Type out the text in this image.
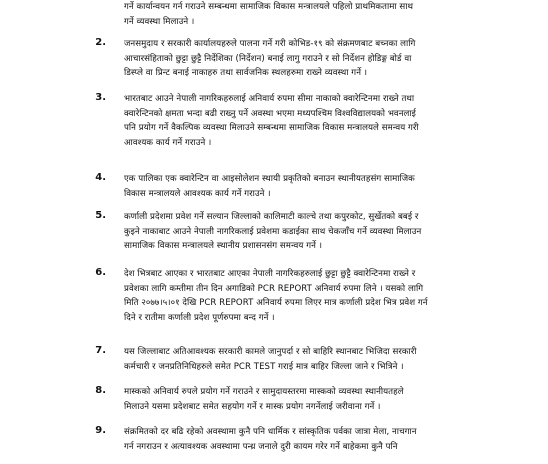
गर्ने कार्यान्वयन गर्न गराउने सम्बन्धमा सामाजिक विकास मन्त्रालयले पहिलो प्राथमिकतामा साथ
गर्ने व्यवस्था मिलाउने ।
2. जनसमुदाय र सरकारी कार्यालयहरुले पालना गर्ने गरी कोभिड-१९ को संक्रमणबाट बच्नका लागि
आचारसंहिताको छुट्टा छुट्टै निर्देशिका (निर्देशन) बनाई लागु गराउने र सो निर्देशन होडिङ्ग बोर्ड वा
डिस्प्ले वा प्रिन्ट बनाई नाकाहरु तथा सार्वजनिक स्थलहरुमा राख्ने व्यवस्था गर्ने ।
3. भारतबाट आउने नेपाली नागरिकहरुलाई अनिवार्य रुपमा सीमा नाकाको क्वारेन्टिनमा राख्ने तथा
क्वारेन्टिनको क्षमता भन्दा बढी राख्नु पर्ने अवस्था भएमा मध्यपश्चिम विश्वविद्यालयको भवनलाई
पनि प्रयोग गर्ने वैकल्पिक व्यवस्था मिलाउने सम्बन्धमा सामाजिक विकास मन्त्रालयले समन्वय गरी
आवश्यक कार्य गर्ने गराउने ।
4. एक पालिका एक क्वारेन्टिन वा आइसोलेशन स्थायी प्रकृतिको बनाउन स्थानीयतहसंग सामाजिक
विकास मन्त्रालयले आवश्यक कार्य गर्ने गराउने ।
5. कर्णाली प्रदेशमा प्रवेश गर्ने सल्यान जिल्लाको कालिमाटी काल्चे तथा कपुरकोट, सुर्खेतको बबई र
कुइने नाकाबाट आउने नेपाली नागरिकलाई प्रवेशमा कडाईका साथ चेकजाँच गर्ने व्यवस्था मिलाउन
सामाजिक विकास मन्त्रालयले स्थानीय प्रशासनसंग समन्वय गर्ने ।
6. देश भित्रबाट आएका र भारतबाट आएका नेपाली नागरिकहरुलाई छुट्टा छुट्टै क्वारेन्टिनमा राख्ने र
प्रवेशका लागि कम्तीमा तीन दिन अगाडिको PCR REPORT अनिवार्य रुपमा लिने । यसको लागि
मिति २०७७।५।०१ देखि PCR REPORT अनिवार्य रुपमा लिएर मात्र कर्णाली प्रदेश भित्र प्रवेश गर्न
दिने र रातीमा कर्णाली प्रदेश पूर्णरुपमा बन्द गर्ने ।
7. यस जिल्लाबाट अतिआवश्यक सरकारी कामले जानुपर्दा र सो बाहिरि स्थानबाट भिजिदा सरकारी
कर्मचारी र जनप्रतिनिधिहरुले समेत PCR TEST गराई मात्र बाहिर जिल्ला जाने र भित्रिने ।
8. मास्कको अनिवार्य रुपले प्रयोग गर्ने गराउने र सामुदायस्तरमा मास्कको व्यवस्था स्थानीयतहले
मिलाउने यसमा प्रदेशबाट समेत सहयोग गर्ने र मास्क प्रयोग नगर्नेलाई जरीवाना गर्ने ।
9. संक्रमितको दर बढि रहेको अवस्थामा कुनै पनि धार्मिक र सांस्कृतिक पर्वका जात्रा मेला, नाचगान
गर्न नगराउन र अत्यावश्यक अवस्थामा पन्ध्र जनाले दुरी कायम गरेर गर्ने बाहेकमा कुनै पनि
